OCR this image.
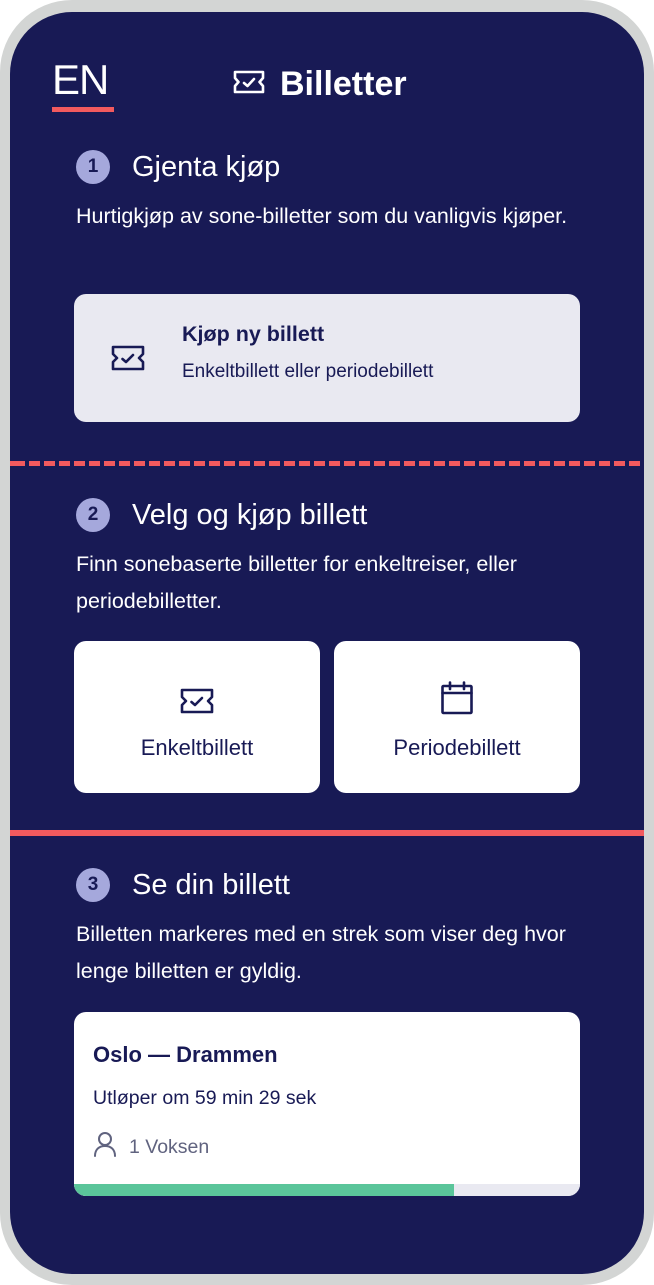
EN	Billetter
1	Gjenta kjøp
Hurtigkjøp av sone-billetter som du vanligvis kjøper.
Kjøp ny billett
Enkeltbillett eller periodebillett
2	Velg og kjøp billett
Finn sonebaserte billetter for enkeltreiser, eller periodebilletter.
Enkeltbillett	Periodebillett
3	Se din billett
Billetten markeres med en strek som viser deg hvor lenge billetten er gyldig.
Oslo — Drammen
Utløper om 59 min 29 sek
1 Voksen
